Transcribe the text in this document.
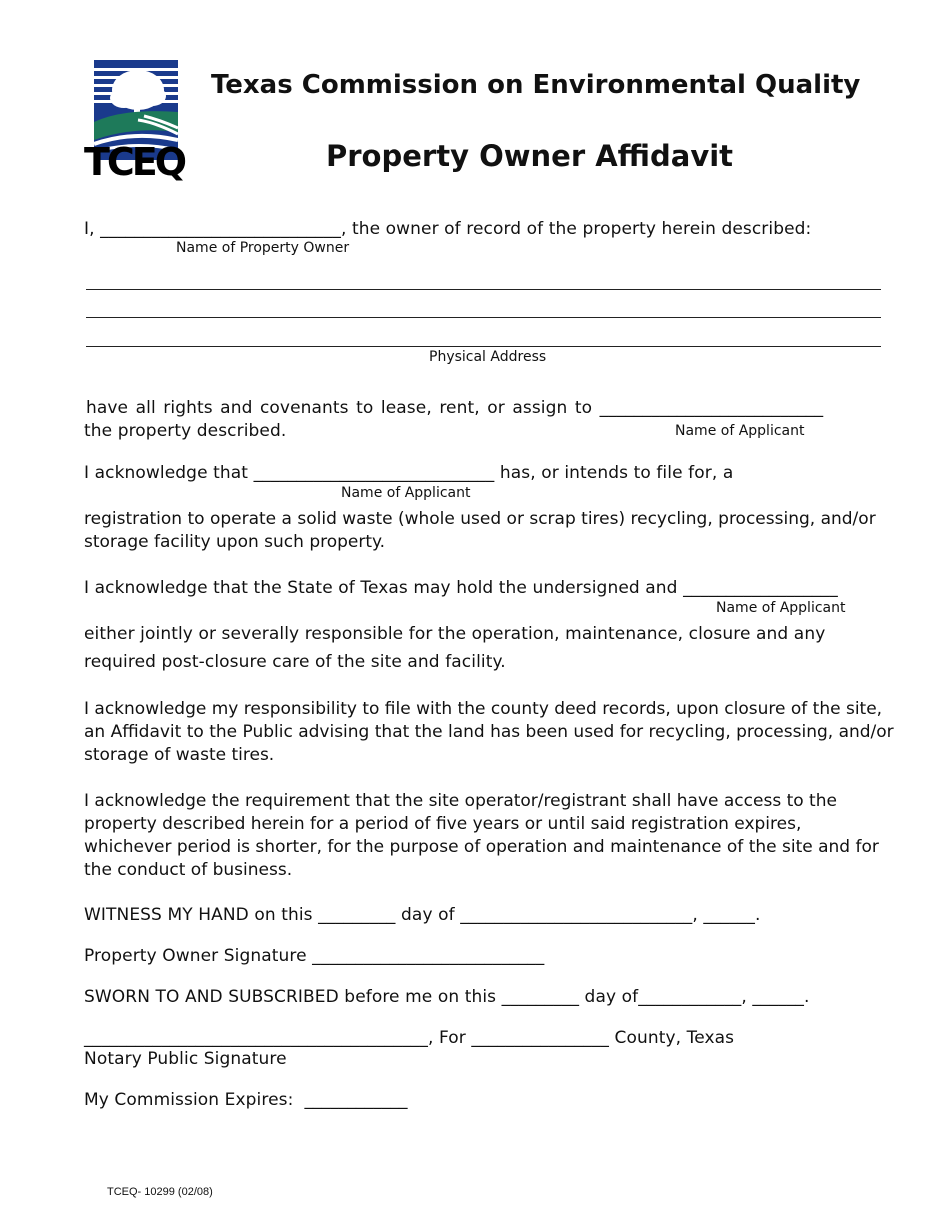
TCEQ
Texas Commission on Environmental Quality
Property Owner Affidavit
I, ____________________________, the owner of record of the property herein described:
Name of Property Owner
Physical Address
have all rights and covenants to lease, rent, or assign to __________________________
the property described.	Name of Applicant
I acknowledge that ____________________________ has, or intends to file for, a
Name of Applicant
registration to operate a solid waste (whole used or scrap tires) recycling, processing, and/or storage facility upon such property.
I acknowledge that the State of Texas may hold the undersigned and __________________
Name of Applicant
either jointly or severally responsible for the operation, maintenance, closure and any
required post-closure care of the site and facility.
I acknowledge my responsibility to file with the county deed records, upon closure of the site, an Affidavit to the Public advising that the land has been used for recycling, processing, and/or storage of waste tires.
I acknowledge the requirement that the site operator/registrant shall have access to the property described herein for a period of five years or until said registration expires, whichever period is shorter, for the purpose of operation and maintenance of the site and for the conduct of business.
WITNESS MY HAND on this _________ day of ___________________________, ______.
Property Owner Signature ___________________________
SWORN TO AND SUBSCRIBED before me on this _________ day of____________, ______.
________________________________________, For ________________ County, Texas
Notary Public Signature
My Commission Expires:  ____________
TCEQ- 10299 (02/08)
